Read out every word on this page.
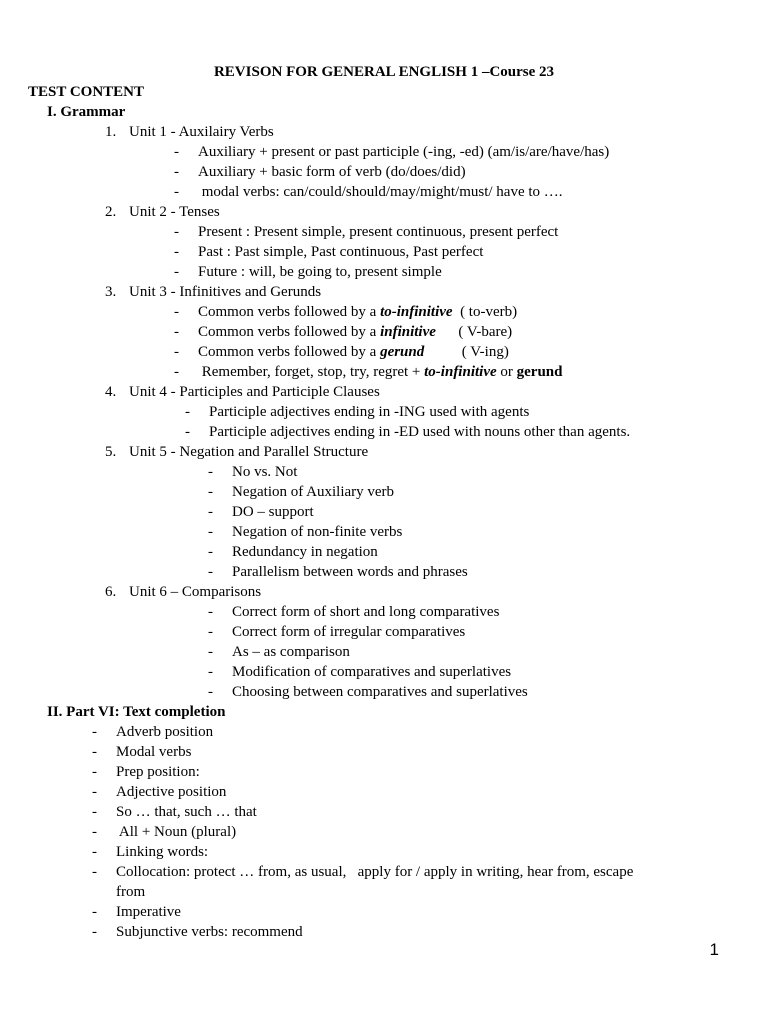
REVISON FOR GENERAL ENGLISH 1 –Course 23
TEST CONTENT
I. Grammar
1. Unit 1 - Auxilairy Verbs
- Auxiliary + present or past participle (-ing, -ed) (am/is/are/have/has)
- Auxiliary + basic form of verb (do/does/did)
- modal verbs: can/could/should/may/might/must/ have to ….
2. Unit 2 - Tenses
- Present : Present simple, present continuous, present perfect
- Past : Past simple, Past continuous, Past perfect
- Future : will, be going to, present simple
3. Unit 3 - Infinitives and Gerunds
- Common verbs followed by a to-infinitive  ( to-verb)
- Common verbs followed by a infinitive      ( V-bare)
- Common verbs followed by a gerund          ( V-ing)
- Remember, forget, stop, try, regret + to-infinitive or gerund
4. Unit 4 - Participles and Participle Clauses
- Participle adjectives ending in -ING used with agents
- Participle adjectives ending in -ED used with nouns other than agents.
5. Unit 5 - Negation and Parallel Structure
- No vs. Not
- Negation of Auxiliary verb
- DO – support
- Negation of non-finite verbs
- Redundancy in negation
- Parallelism between words and phrases
6. Unit 6 – Comparisons
- Correct form of short and long comparatives
- Correct form of irregular comparatives
- As – as comparison
- Modification of comparatives and superlatives
- Choosing between comparatives and superlatives
II. Part VI: Text completion
- Adverb position
- Modal verbs
- Prep position:
- Adjective position
- So … that, such … that
- All + Noun (plural)
- Linking words:
- Collocation: protect … from, as usual,   apply for / apply in writing, hear from, escape
from
- Imperative
- Subjunctive verbs: recommend
1
